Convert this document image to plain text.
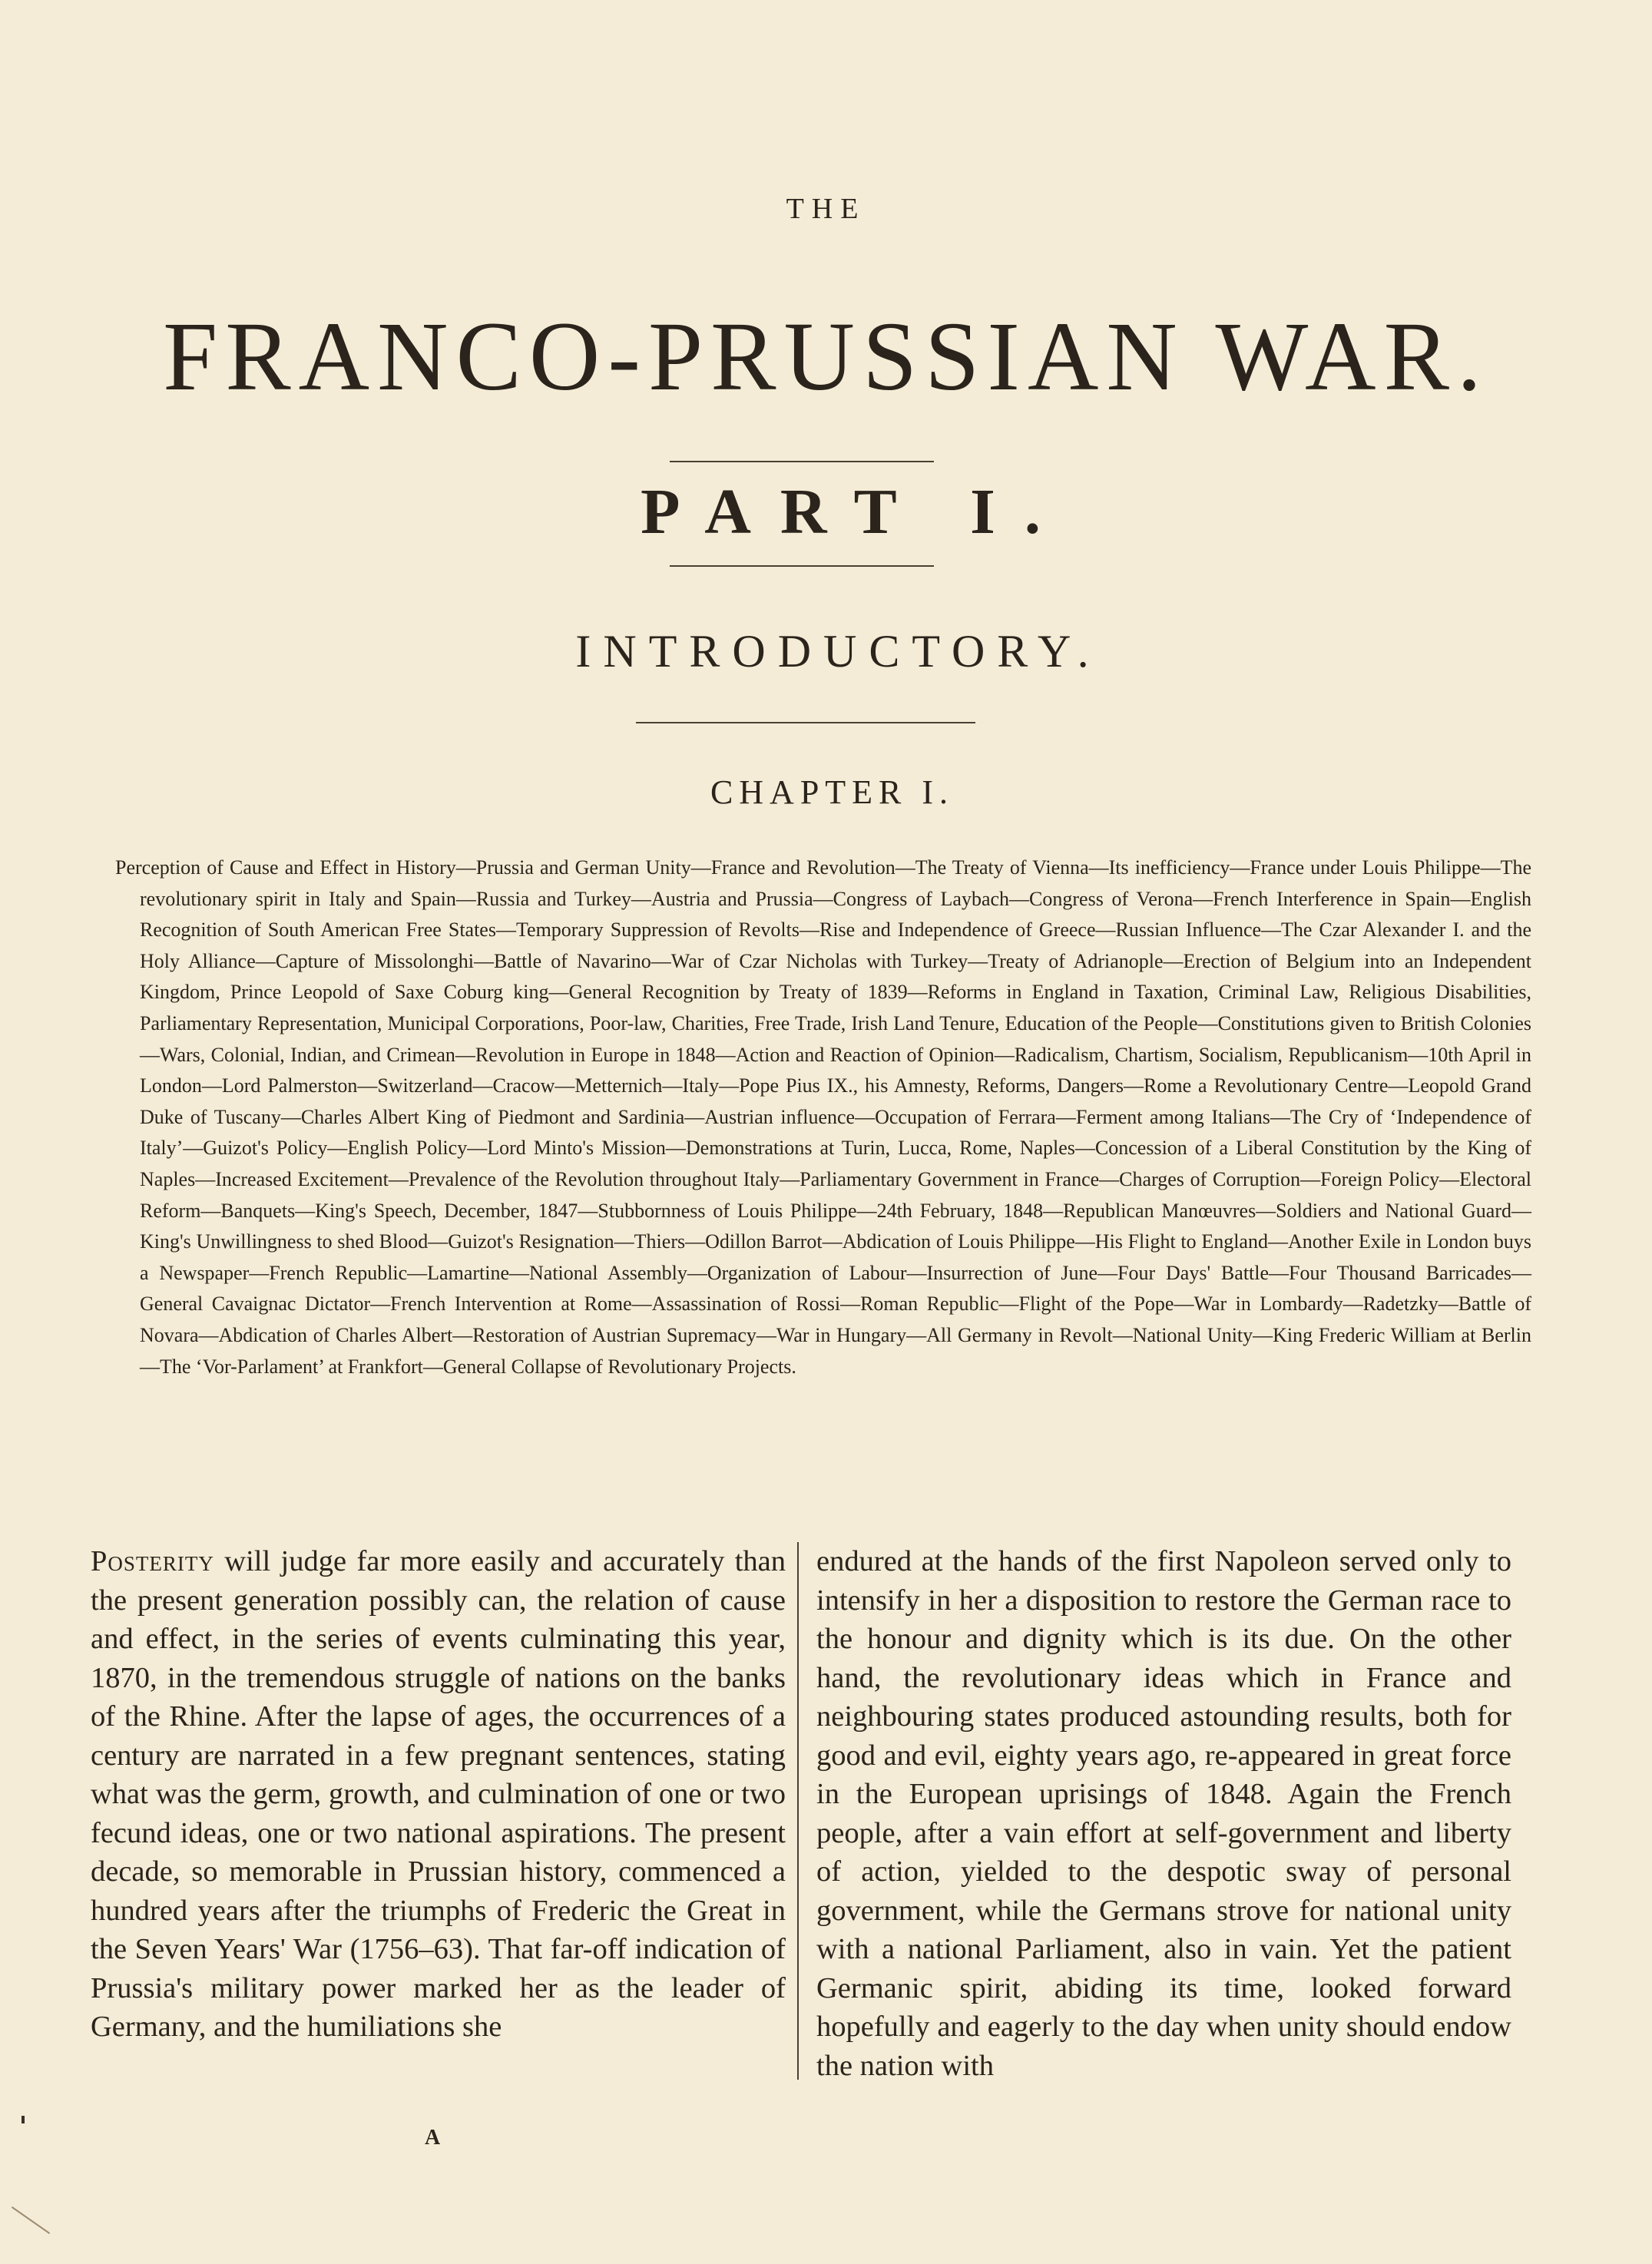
THE
FRANCO-PRUSSIAN WAR.
PART I.
INTRODUCTORY.
CHAPTER I.
Perception of Cause and Effect in History—Prussia and German Unity—France and Revolution—The Treaty of Vienna—Its inefficiency—France under Louis Philippe—The revolutionary spirit in Italy and Spain—Russia and Turkey—Austria and Prussia—Congress of Laybach—Congress of Verona—French Interference in Spain—English Recognition of South American Free States—Temporary Suppression of Revolts—Rise and Independence of Greece—Russian Influence—The Czar Alexander I. and the Holy Alliance—Capture of Missolonghi—Battle of Navarino—War of Czar Nicholas with Turkey—Treaty of Adrianople—Erection of Belgium into an Independent Kingdom, Prince Leopold of Saxe Coburg king—General Recognition by Treaty of 1839—Reforms in England in Taxation, Criminal Law, Religious Disabilities, Parliamentary Representation, Municipal Corporations, Poor-law, Charities, Free Trade, Irish Land Tenure, Education of the People—Constitutions given to British Colonies—Wars, Colonial, Indian, and Crimean—Revolution in Europe in 1848—Action and Reaction of Opinion—Radicalism, Chartism, Socialism, Republicanism—10th April in London—Lord Palmerston—Switzerland—Cracow—Metternich—Italy—Pope Pius IX., his Amnesty, Reforms, Dangers—Rome a Revolutionary Centre—Leopold Grand Duke of Tuscany—Charles Albert King of Piedmont and Sardinia—Austrian influence—Occupation of Ferrara—Ferment among Italians—The Cry of ‘Independence of Italy’—Guizot's Policy—English Policy—Lord Minto's Mission—Demonstrations at Turin, Lucca, Rome, Naples—Concession of a Liberal Constitution by the King of Naples—Increased Excitement—Prevalence of the Revolution throughout Italy—Parliamentary Government in France—Charges of Corruption—Foreign Policy—Electoral Reform—Banquets—King's Speech, December, 1847—Stubbornness of Louis Philippe—24th February, 1848—Republican Manœuvres—Soldiers and National Guard—King's Unwillingness to shed Blood—Guizot's Resignation—Thiers—Odillon Barrot—Abdication of Louis Philippe—His Flight to England—Another Exile in London buys a Newspaper—French Republic—Lamartine—National Assembly—Organization of Labour—Insurrection of June—Four Days' Battle—Four Thousand Barricades—General Cavaignac Dictator—French Intervention at Rome—Assassination of Rossi—Roman Republic—Flight of the Pope—War in Lombardy—Radetzky—Battle of Novara—Abdication of Charles Albert—Restoration of Austrian Supremacy—War in Hungary—All Germany in Revolt—National Unity—King Frederic William at Berlin—The ‘Vor-Parlament’ at Frankfort—General Collapse of Revolutionary Projects.
Posterity will judge far more easily and accurately than the present generation possibly can, the relation of cause and effect, in the series of events culminating this year, 1870, in the tremendous struggle of nations on the banks of the Rhine. After the lapse of ages, the occurrences of a century are narrated in a few pregnant sentences, stating what was the germ, growth, and culmination of one or two fecund ideas, one or two national aspirations. The present decade, so memorable in Prussian history, commenced a hundred years after the triumphs of Frederic the Great in the Seven Years' War (1756–63). That far-off indication of Prussia's military power marked her as the leader of Germany, and the humiliations she
endured at the hands of the first Napoleon served only to intensify in her a disposition to restore the German race to the honour and dignity which is its due. On the other hand, the revolutionary ideas which in France and neighbouring states produced astounding results, both for good and evil, eighty years ago, re-appeared in great force in the European uprisings of 1848. Again the French people, after a vain effort at self-government and liberty of action, yielded to the despotic sway of personal government, while the Germans strove for national unity with a national Parliament, also in vain. Yet the patient Germanic spirit, abiding its time, looked forward hopefully and eagerly to the day when unity should endow the nation with
A
